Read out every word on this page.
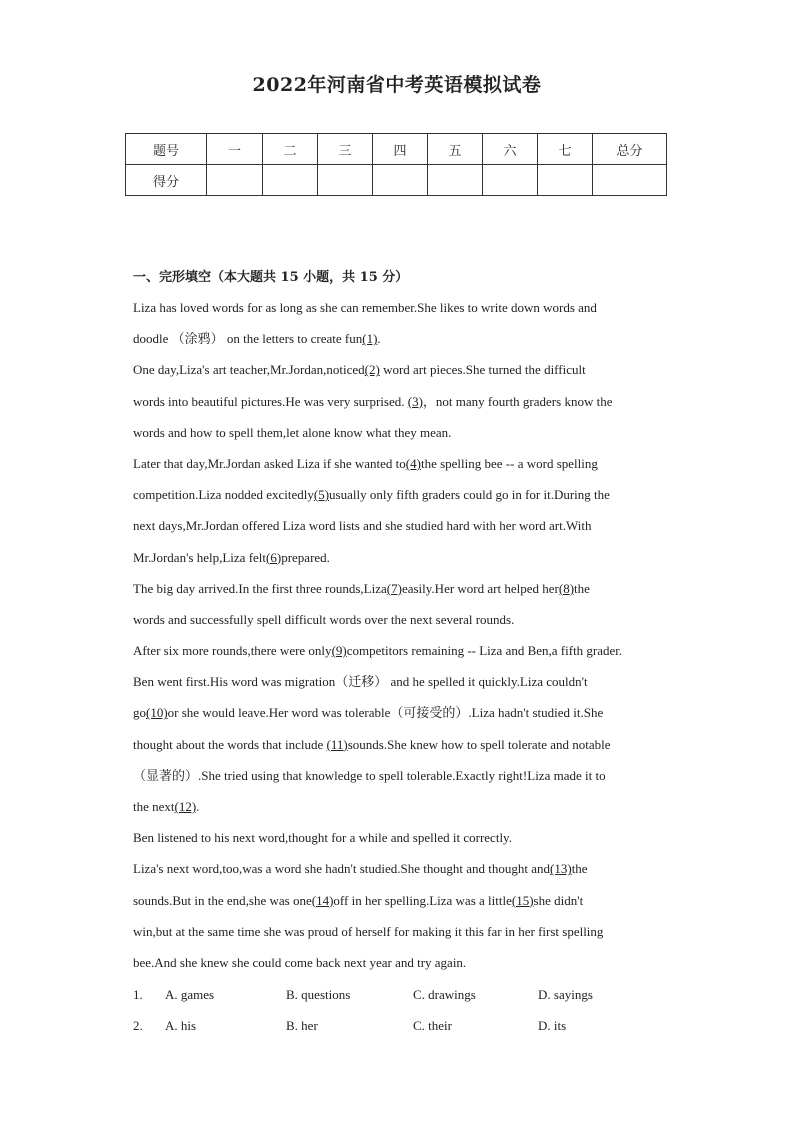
2022年河南省中考英语模拟试卷
题号	一	二	三	四	五	六	七	总分
得分								
一、完形填空（本大题共 15 小题，共 15 分）
Liza has loved words for as long as she can remember.She likes to write down words and
doodle （涂鸦） on the letters to create fun(1).
One day,Liza's art teacher,Mr.Jordan,noticed(2) word art pieces.She turned the difficult
words into beautiful pictures.He was very surprised. (3)，not many fourth graders know the
words and how to spell them,let alone know what they mean.
Later that day,Mr.Jordan asked Liza if she wanted to(4)the spelling bee -- a word spelling
competition.Liza nodded excitedly(5)usually only fifth graders could go in for it.During the
next days,Mr.Jordan offered Liza word lists and she studied hard with her word art.With
Mr.Jordan's help,Liza felt(6)prepared.
The big day arrived.In the first three rounds,Liza(7)easily.Her word art helped her(8)the
words and successfully spell difficult words over the next several rounds.
After six more rounds,there were only(9)competitors remaining -- Liza and Ben,a fifth grader.
Ben went first.His word was migration（迁移） and he spelled it quickly.Liza couldn't
go(10)or she would leave.Her word was tolerable（可接受的）.Liza hadn't studied it.She
thought about the words that include (11)sounds.She knew how to spell tolerate and notable
（显著的）.She tried using that knowledge to spell tolerable.Exactly right!Liza made it to
the next(12).
Ben listened to his next word,thought for a while and spelled it correctly.
Liza's next word,too,was a word she hadn't studied.She thought and thought and(13)the
sounds.But in the end,she was one(14)off in her spelling.Liza was a little(15)she didn't
win,but at the same time she was proud of herself for making it this far in her first spelling
bee.And she knew she could come back next year and try again.
1. A. games	B. questions	C. drawings	D. sayings
2. A. his	B. her	C. their	D. its
